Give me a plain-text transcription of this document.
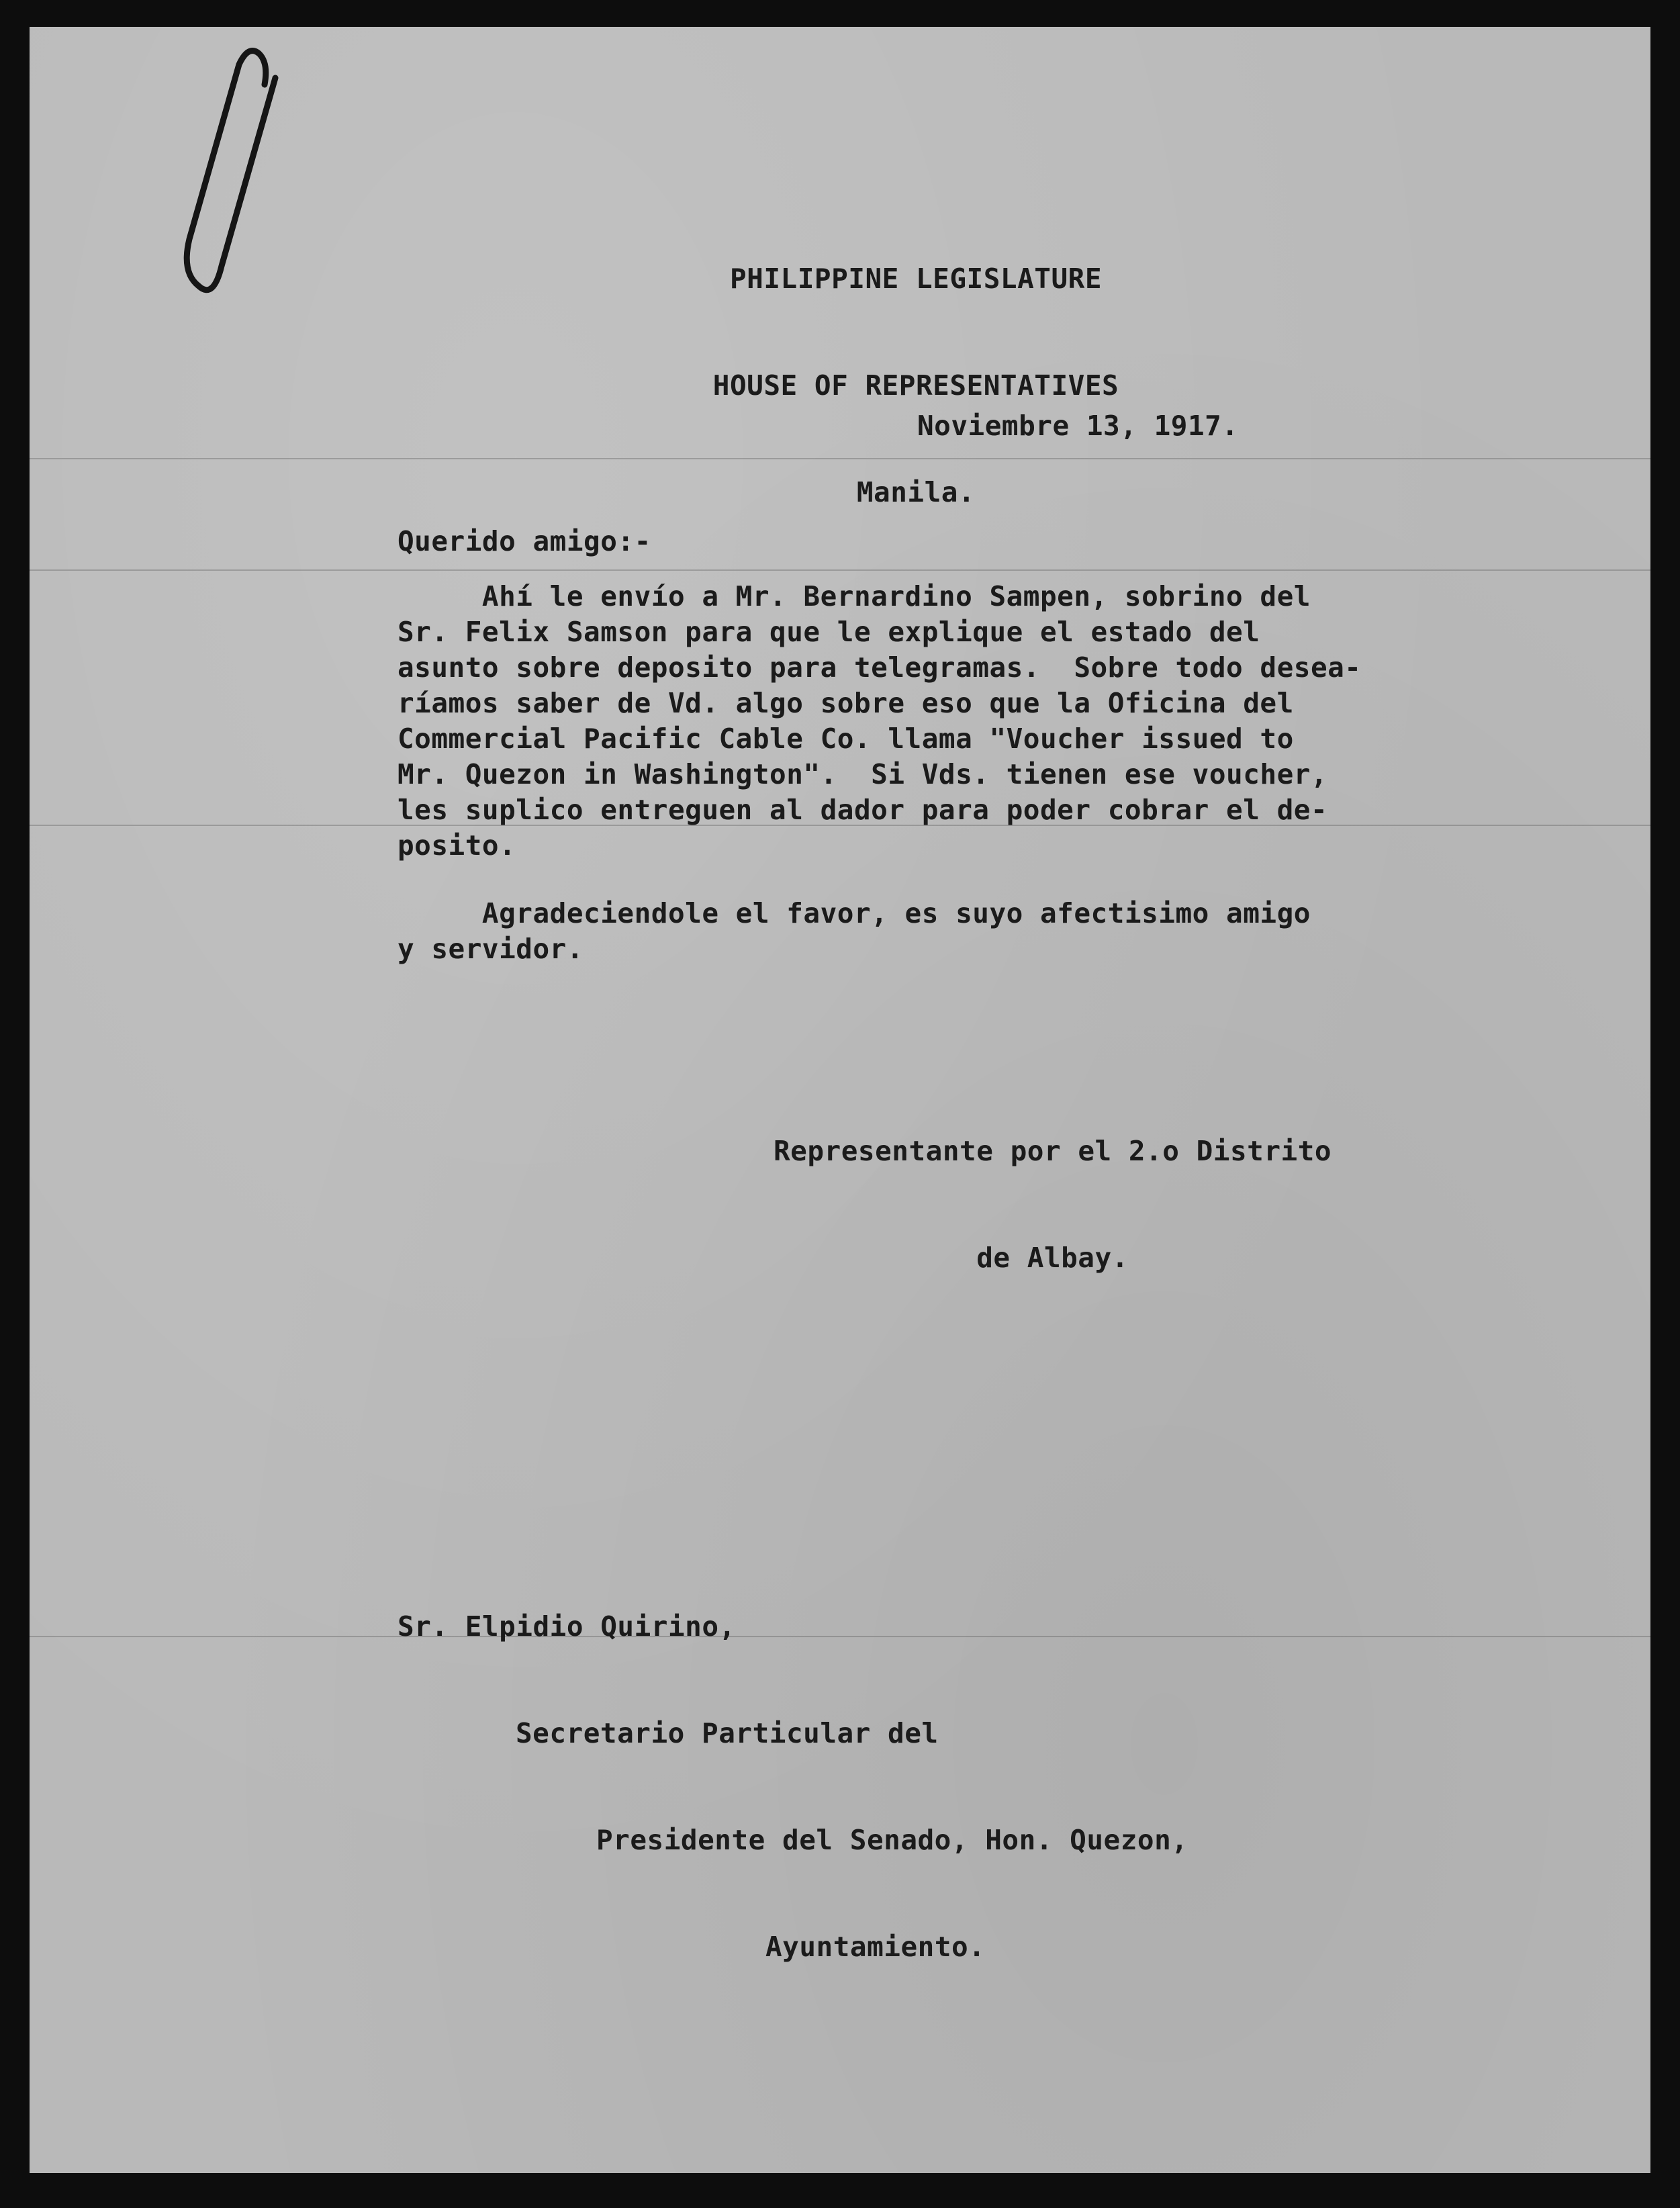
PHILIPPINE LEGISLATURE

HOUSE OF REPRESENTATIVES

Manila.

Noviembre 13, 1917.
Querido amigo:-
Ahí le envío a Mr. Bernardino Sampen, sobrino del
Sr. Felix Samson para que le explique el estado del
asunto sobre deposito para telegramas.  Sobre todo desea-
ríamos saber de Vd. algo sobre eso que la Oficina del
Commercial Pacific Cable Co. llama "Voucher issued to
Mr. Quezon in Washington".  Si Vds. tienen ese voucher,
les suplico entreguen al dador para poder cobrar el de-
posito.
Agradeciendole el favor, es suyo afectisimo amigo
y servidor.

Representante por el 2.o Distrito

de Albay.

Sr. Elpidio Quirino,

Secretario Particular del

Presidente del Senado, Hon. Quezon,

Ayuntamiento.
